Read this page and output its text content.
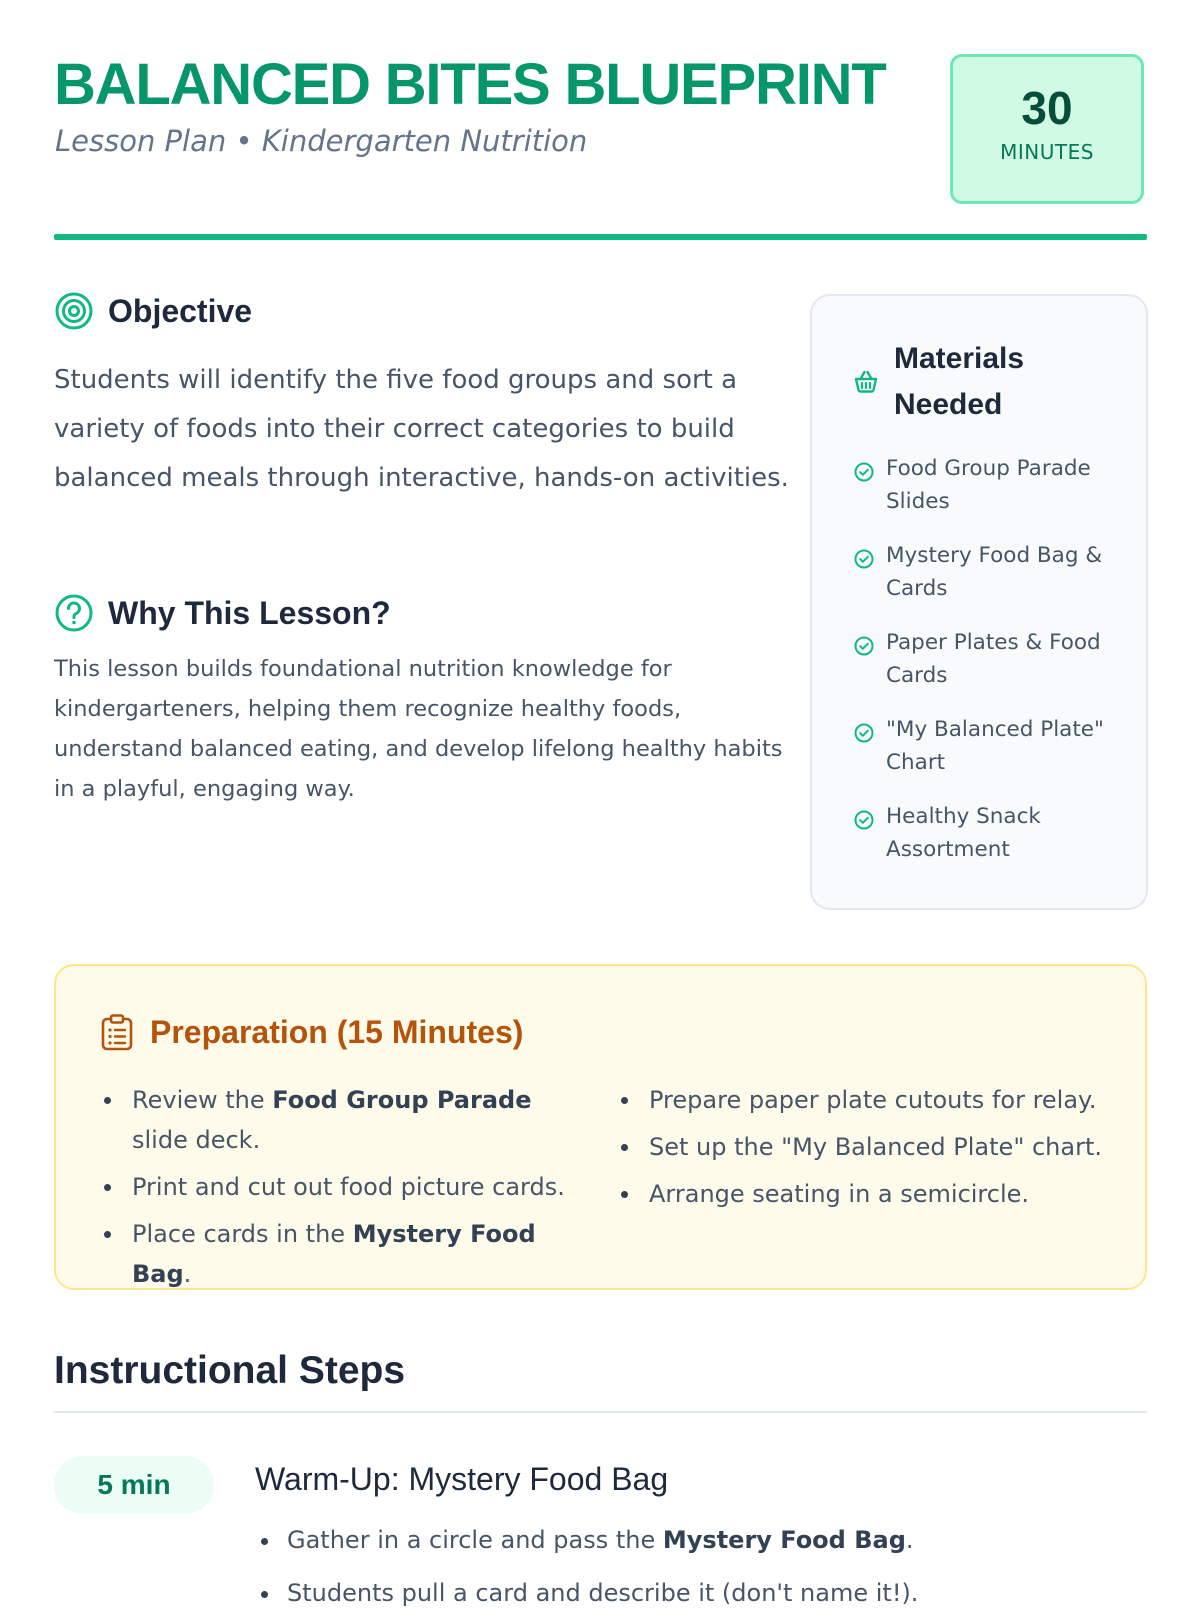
BALANCED BITES BLUEPRINT
Lesson Plan • Kindergarten Nutrition
30
MINUTES
Objective

Students will identify the five food groups and sort a variety of foods into their correct categories to build balanced meals through interactive, hands-on activities.

Why This Lesson?

This lesson builds foundational nutrition knowledge for kindergarteners, helping them recognize healthy foods, understand balanced eating, and develop lifelong healthy habits in a playful, engaging way.

Materials Needed
Food Group Parade Slides
Mystery Food Bag & Cards
Paper Plates & Food Cards
"My Balanced Plate" Chart
Healthy Snack Assortment
Preparation (15 Minutes)
Review the Food Group Parade slide deck.
Print and cut out food picture cards.
Place cards in the Mystery Food Bag.
Prepare paper plate cutouts for relay.
Set up the "My Balanced Plate" chart.
Arrange seating in a semicircle.
Instructional Steps
5 min	Warm-Up: Mystery Food Bag
Gather in a circle and pass the Mystery Food Bag.
Students pull a card and describe it (don't name it!).
